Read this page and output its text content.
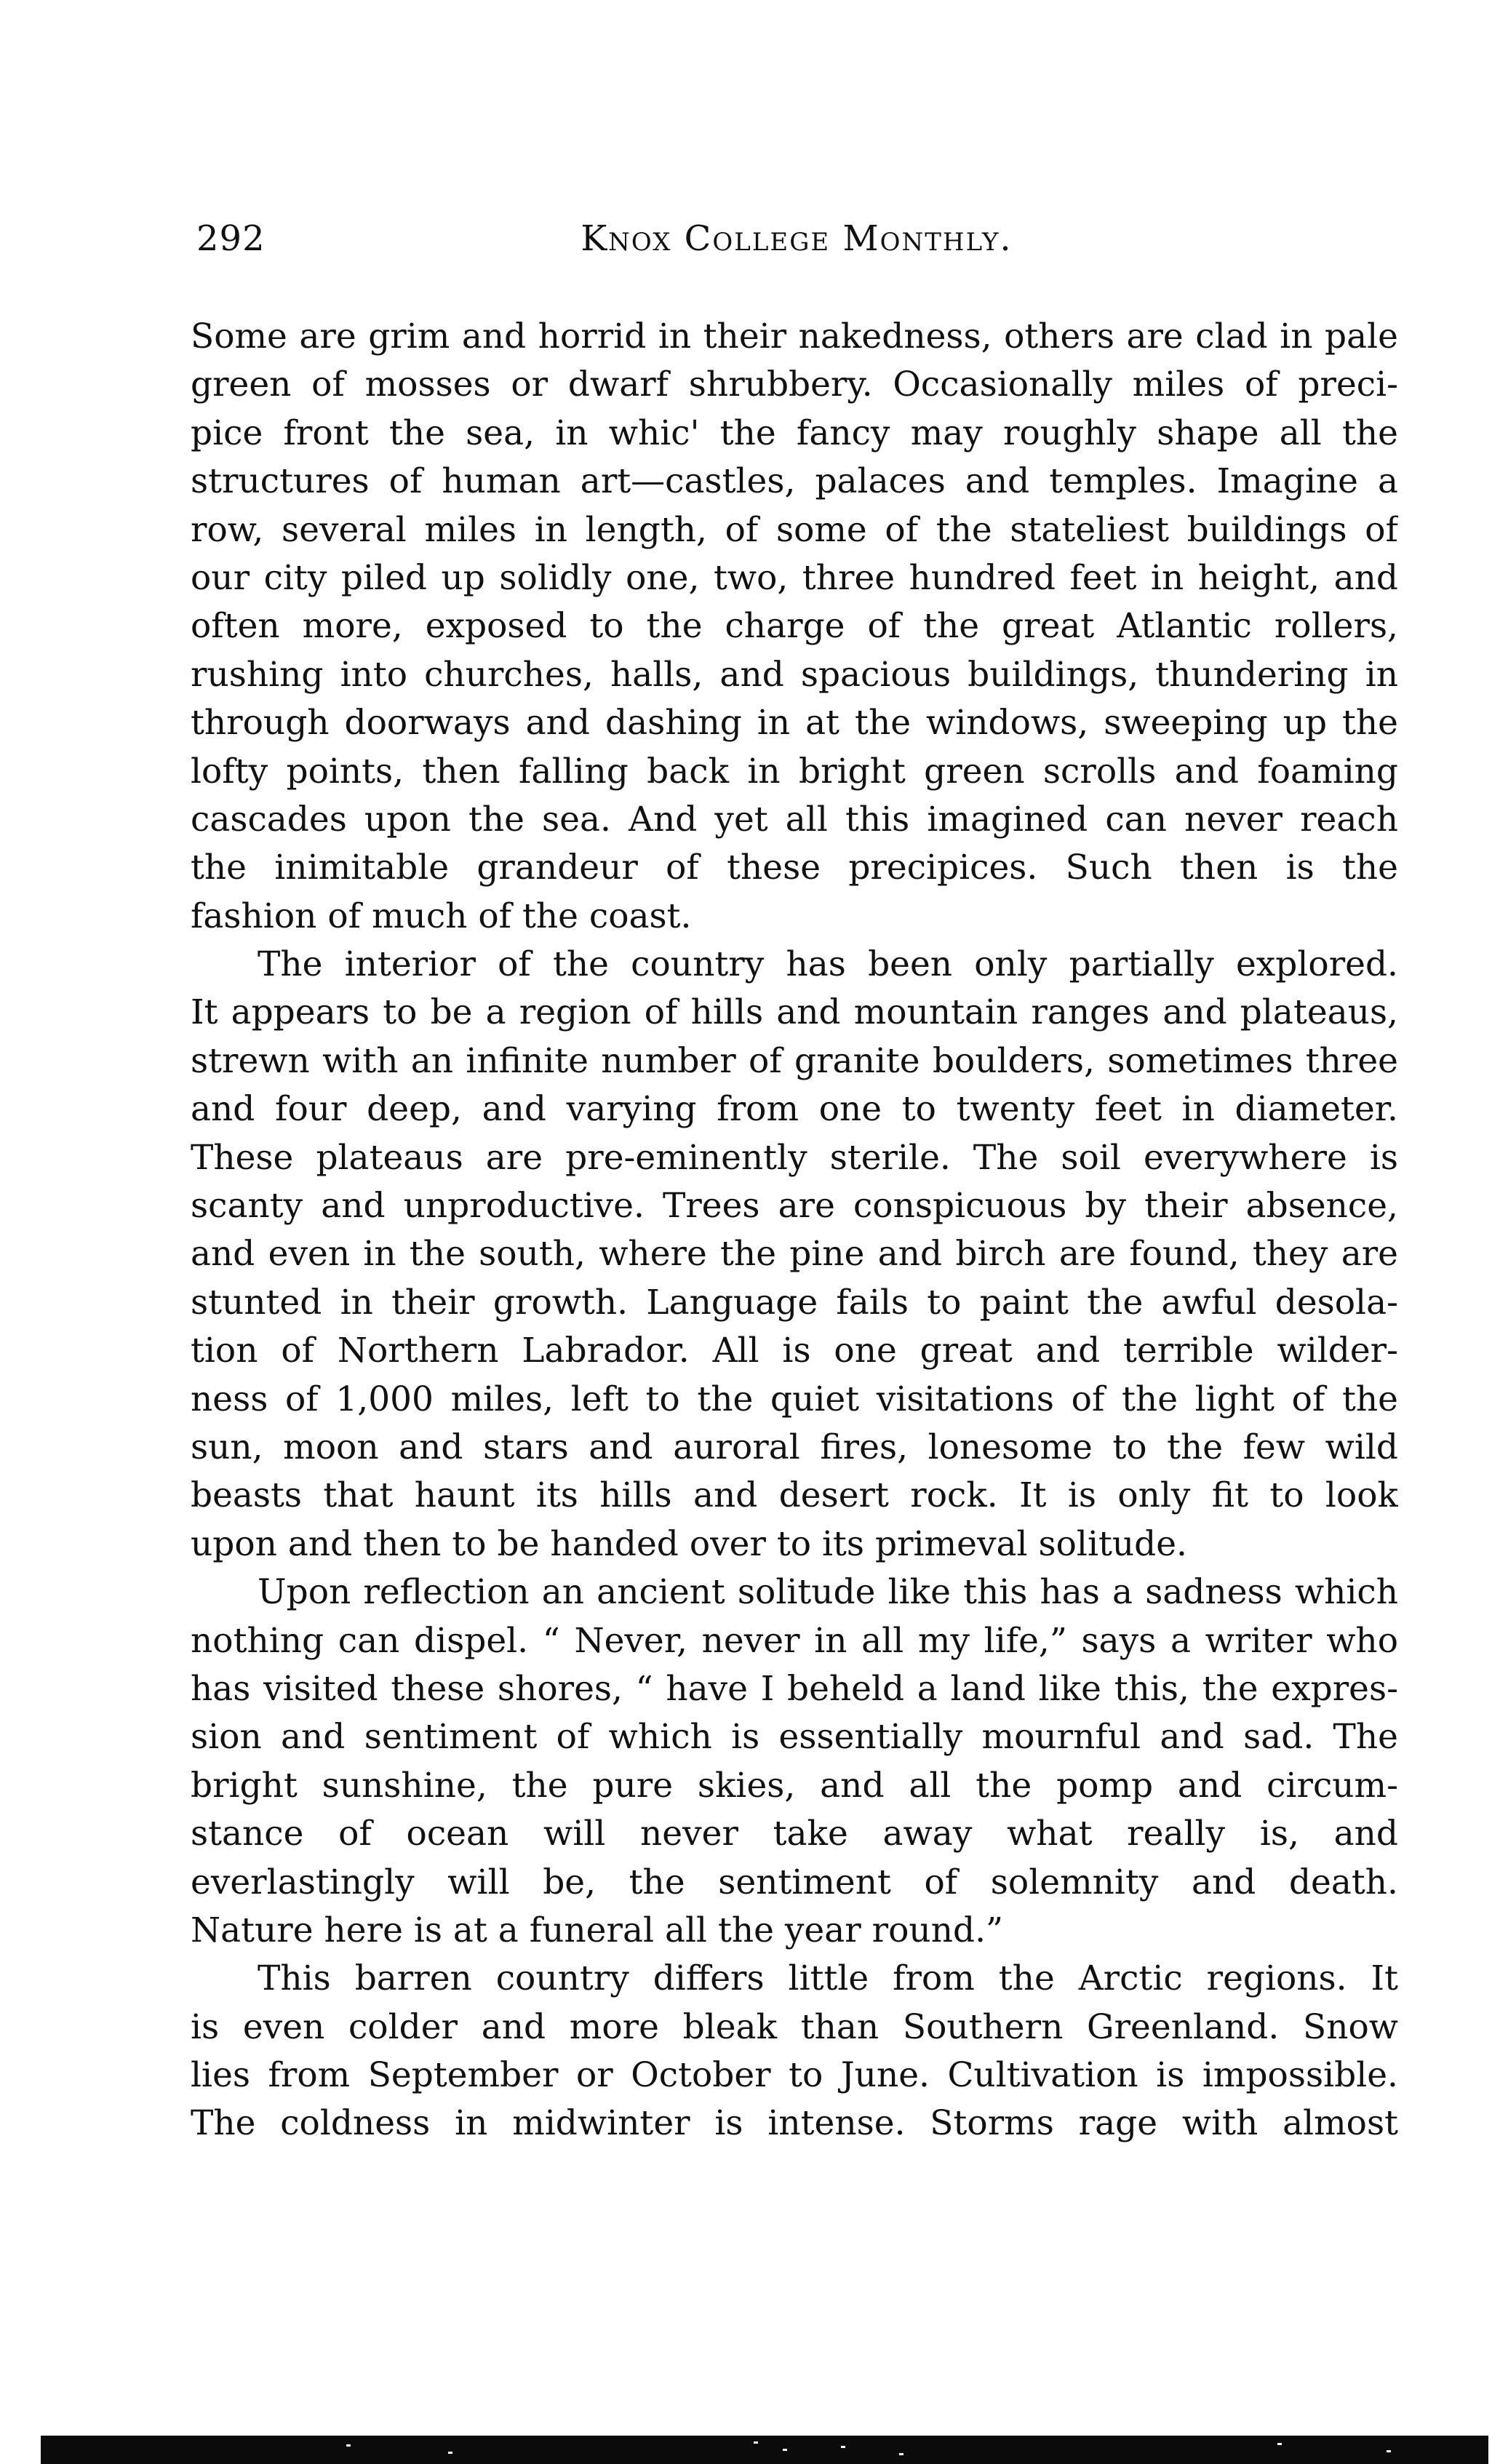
292	Knox College Monthly.
Some are grim and horrid in their nakedness, others are clad in pale
green of mosses or dwarf shrubbery. Occasionally miles of preci-
pice front the sea, in whic' the fancy may roughly shape all the
structures of human art—castles, palaces and temples. Imagine a
row, several miles in length, of some of the stateliest buildings of
our city piled up solidly one, two, three hundred feet in height, and
often more, exposed to the charge of the great Atlantic rollers,
rushing into churches, halls, and spacious buildings, thundering in
through doorways and dashing in at the windows, sweeping up the
lofty points, then falling back in bright green scrolls and foaming
cascades upon the sea. And yet all this imagined can never reach
the inimitable grandeur of these precipices. Such then is the
fashion of much of the coast.
The interior of the country has been only partially explored.
It appears to be a region of hills and mountain ranges and plateaus,
strewn with an infinite number of granite boulders, sometimes three
and four deep, and varying from one to twenty feet in diameter.
These plateaus are pre-eminently sterile. The soil everywhere is
scanty and unproductive. Trees are conspicuous by their absence,
and even in the south, where the pine and birch are found, they are
stunted in their growth. Language fails to paint the awful desola-
tion of Northern Labrador. All is one great and terrible wilder-
ness of 1,000 miles, left to the quiet visitations of the light of the
sun, moon and stars and auroral fires, lonesome to the few wild
beasts that haunt its hills and desert rock. It is only fit to look
upon and then to be handed over to its primeval solitude.
Upon reflection an ancient solitude like this has a sadness which
nothing can dispel. “ Never, never in all my life,” says a writer who
has visited these shores, “ have I beheld a land like this, the expres-
sion and sentiment of which is essentially mournful and sad. The
bright sunshine, the pure skies, and all the pomp and circum-
stance of ocean will never take away what really is, and
everlastingly will be, the sentiment of solemnity and death.
Nature here is at a funeral all the year round.”
This barren country differs little from the Arctic regions. It
is even colder and more bleak than Southern Greenland. Snow
lies from September or October to June. Cultivation is impossible.
The coldness in midwinter is intense. Storms rage with almost
